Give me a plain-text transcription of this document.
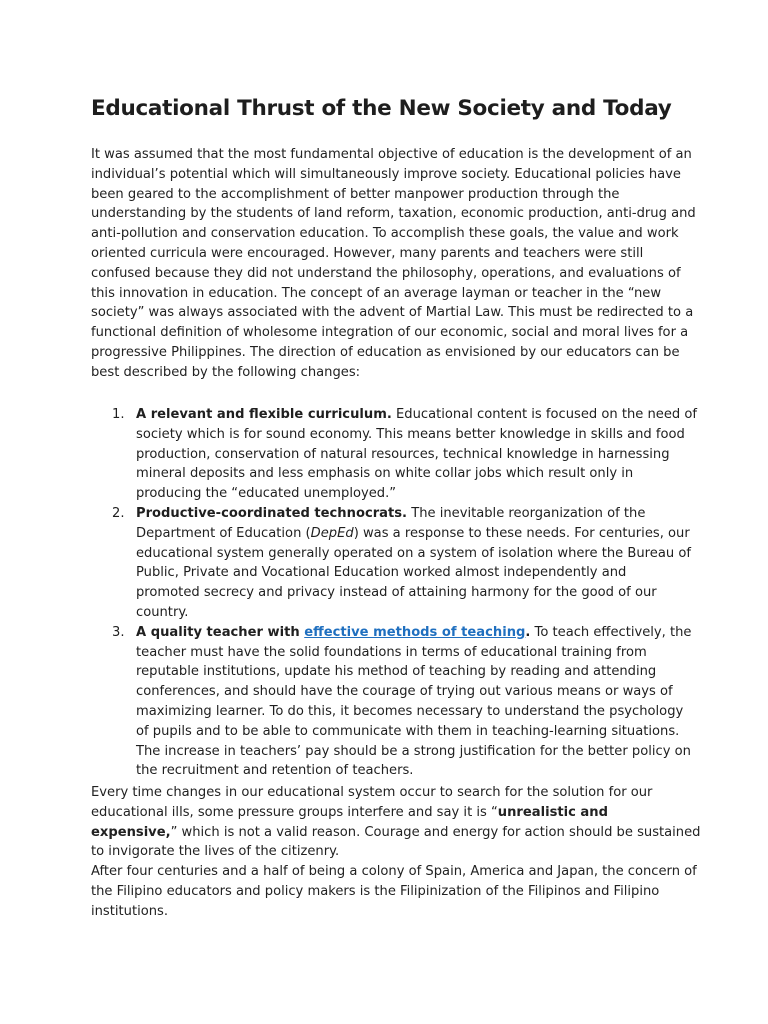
Educational Thrust of the New Society and Today
It was assumed that the most fundamental objective of education is the development of an
individual’s potential which will simultaneously improve society. Educational policies have
been geared to the accomplishment of better manpower production through the
understanding by the students of land reform, taxation, economic production, anti-drug and
anti-pollution and conservation education. To accomplish these goals, the value and work
oriented curricula were encouraged. However, many parents and teachers were still
confused because they did not understand the philosophy, operations, and evaluations of
this innovation in education. The concept of an average layman or teacher in the “new
society” was always associated with the advent of Martial Law. This must be redirected to a
functional definition of wholesome integration of our economic, social and moral lives for a
progressive Philippines. The direction of education as envisioned by our educators can be
best described by the following changes:
1. A relevant and flexible curriculum. Educational content is focused on the need of
society which is for sound economy. This means better knowledge in skills and food
production, conservation of natural resources, technical knowledge in harnessing
mineral deposits and less emphasis on white collar jobs which result only in
producing the “educated unemployed.”
2. Productive-coordinated technocrats. The inevitable reorganization of the
Department of Education (DepEd) was a response to these needs. For centuries, our
educational system generally operated on a system of isolation where the Bureau of
Public, Private and Vocational Education worked almost independently and
promoted secrecy and privacy instead of attaining harmony for the good of our
country.
3. A quality teacher with effective methods of teaching. To teach effectively, the
teacher must have the solid foundations in terms of educational training from
reputable institutions, update his method of teaching by reading and attending
conferences, and should have the courage of trying out various means or ways of
maximizing learner. To do this, it becomes necessary to understand the psychology
of pupils and to be able to communicate with them in teaching-learning situations.
The increase in teachers’ pay should be a strong justification for the better policy on
the recruitment and retention of teachers.
Every time changes in our educational system occur to search for the solution for our
educational ills, some pressure groups interfere and say it is “unrealistic and
expensive,” which is not a valid reason. Courage and energy for action should be sustained
to invigorate the lives of the citizenry.
After four centuries and a half of being a colony of Spain, America and Japan, the concern of
the Filipino educators and policy makers is the Filipinization of the Filipinos and Filipino
institutions.
